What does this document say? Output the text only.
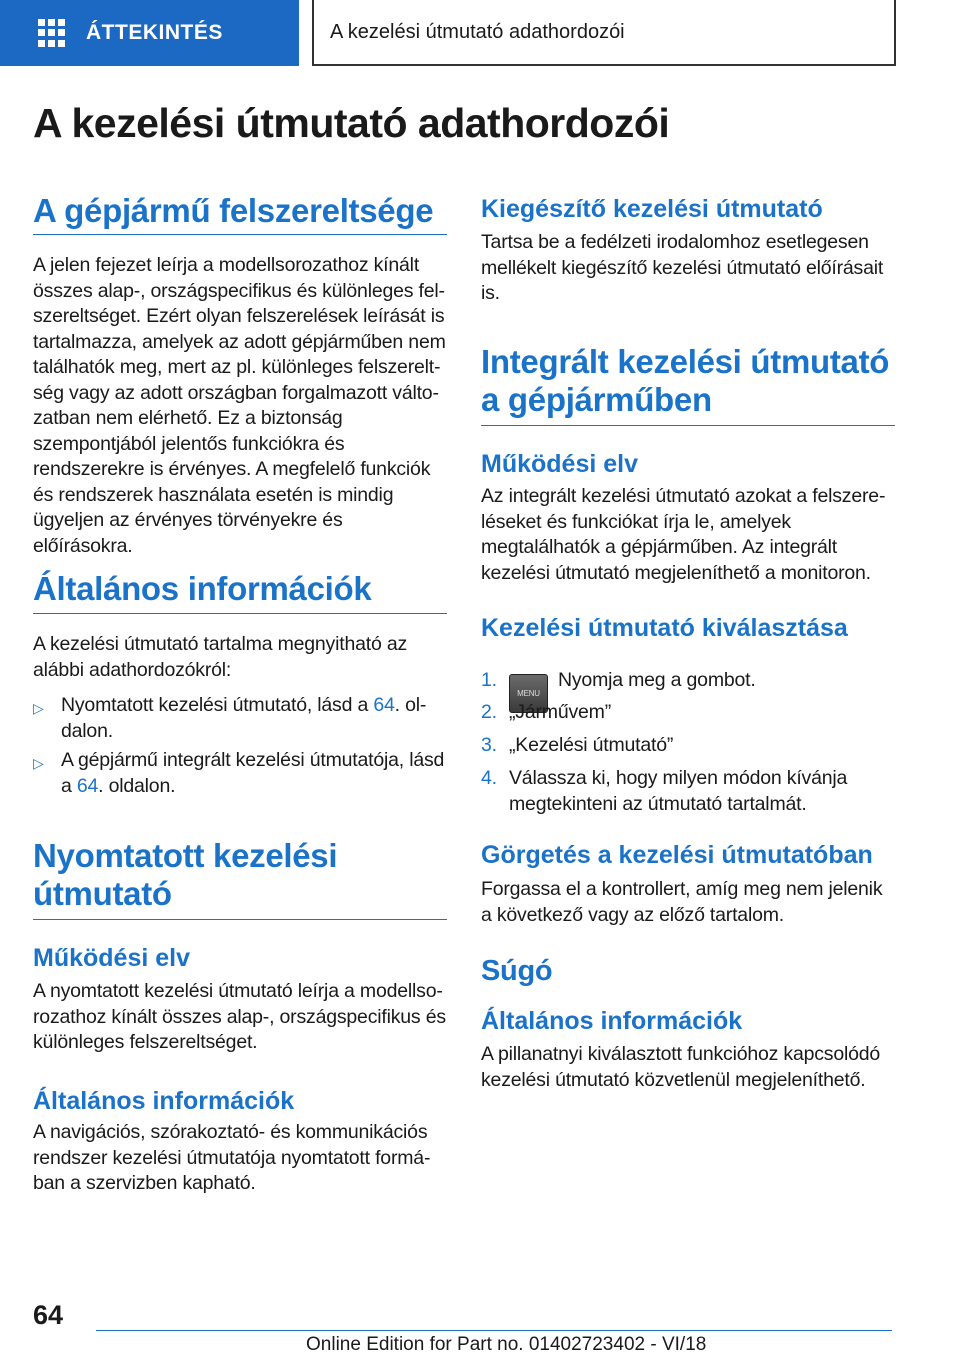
ÁTTEKINTÉS	A kezelési útmutató adathordozói
A kezelési útmutató adathordozói
A gépjármű felszereltsége

A jelen fejezet leírja a modellsorozathoz kínált összes alap-, országspecifikus és különleges felszereltséget. Ezért olyan felszerelések leírását is tartalmazza, amelyek az adott gépjárműben nem találhatók meg, mert az pl. különleges felszereltség vagy az adott országban forgalmazott változatban nem elérhető. Ez a biztonság szempontjából jelentős funkciókra és rendszerekre is érvényes. A megfelelő funkciók és rendszerek használata esetén is mindig ügyeljen az érvényes törvényekre és előírásokra.

Általános információk

A kezelési útmutató tartalma megnyitható az alábbi adathordozókról:

▷ Nyomtatott kezelési útmutató, lásd a 64. oldalon.
▷ A gépjármű integrált kezelési útmutatója, lásd a 64. oldalon.
Nyomtatott kezelési útmutató
Működési elv

A nyomtatott kezelési útmutató leírja a modellsorozathoz kínált összes alap-, országspecifikus és különleges felszereltséget.

Általános információk

A navigációs, szórakoztató- és kommunikációs rendszer kezelési útmutatója nyomtatott formában a szervizben kapható.

Kiegészítő kezelési útmutató

Tartsa be a fedélzeti irodalomhoz esetlegesen mellékelt kiegészítő kezelési útmutató előírásait is.

Integrált kezelési útmutató a gépjárműben
Működési elv

Az integrált kezelési útmutató azokat a felszereléseket és funkciókat írja le, amelyek megtalálhatók a gépjárműben. Az integrált kezelési útmutató megjeleníthető a monitoron.

Kezelési útmutató kiválasztása
1.
MENUNyomja meg a gombot.
2. „Járművem”
3. „Kezelési útmutató”
4. Válassza ki, hogy milyen módon kívánja megtekinteni az útmutató tartalmát.
Görgetés a kezelési útmutatóban

Forgassa el a kontrollert, amíg meg nem jelenik a következő vagy az előző tartalom.

Súgó
Általános információk

A pillanatnyi kiválasztott funkcióhoz kapcsolódó kezelési útmutató közvetlenül megjeleníthető.

64

Online Edition for Part no. 01402723402 - VI/18
